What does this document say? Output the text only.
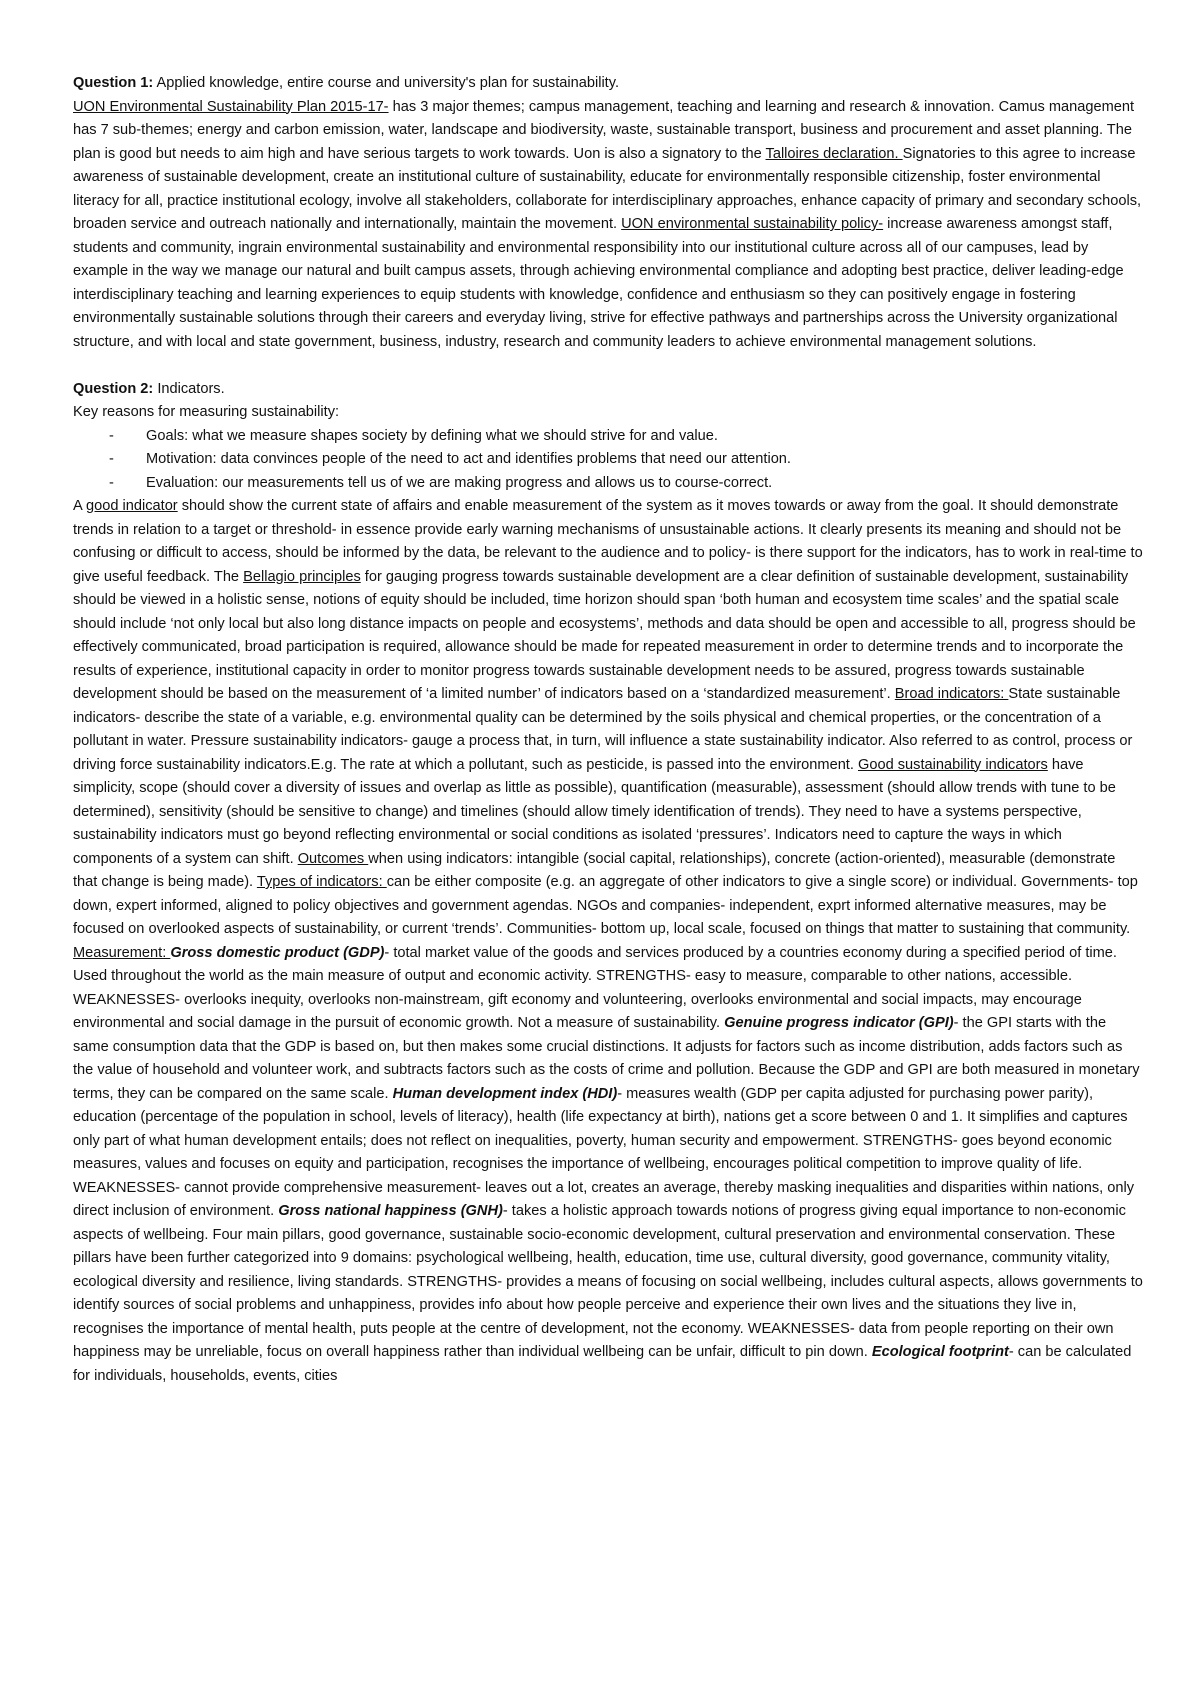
Question 1: Applied knowledge, entire course and university's plan for sustainability.
UON Environmental Sustainability Plan 2015-17- has 3 major themes; campus management, teaching and learning and research & innovation. Camus management has 7 sub-themes; energy and carbon emission, water, landscape and biodiversity, waste, sustainable transport, business and procurement and asset planning. The plan is good but needs to aim high and have serious targets to work towards. Uon is also a signatory to the Talloires declaration. Signatories to this agree to increase awareness of sustainable development, create an institutional culture of sustainability, educate for environmentally responsible citizenship, foster environmental literacy for all, practice institutional ecology, involve all stakeholders, collaborate for interdisciplinary approaches, enhance capacity of primary and secondary schools, broaden service and outreach nationally and internationally, maintain the movement. UON environmental sustainability policy- increase awareness amongst staff, students and community, ingrain environmental sustainability and environmental responsibility into our institutional culture across all of our campuses, lead by example in the way we manage our natural and built campus assets, through achieving environmental compliance and adopting best practice, deliver leading-edge interdisciplinary teaching and learning experiences to equip students with knowledge, confidence and enthusiasm so they can positively engage in fostering environmentally sustainable solutions through their careers and everyday living, strive for effective pathways and partnerships across the University organizational structure, and with local and state government, business, industry, research and community leaders to achieve environmental management solutions.

Question 2: Indicators.

Key reasons for measuring sustainability:

- Goals: what we measure shapes society by defining what we should strive for and value.
- Motivation: data convinces people of the need to act and identifies problems that need our attention.
- Evaluation: our measurements tell us of we are making progress and allows us to course-correct.

A good indicator should show the current state of affairs and enable measurement of the system as it moves towards or away from the goal. It should demonstrate trends in relation to a target or threshold- in essence provide early warning mechanisms of unsustainable actions. It clearly presents its meaning and should not be confusing or difficult to access, should be informed by the data, be relevant to the audience and to policy- is there support for the indicators, has to work in real-time to give useful feedback. The Bellagio principles for gauging progress towards sustainable development are a clear definition of sustainable development, sustainability should be viewed in a holistic sense, notions of equity should be included, time horizon should span ‘both human and ecosystem time scales’ and the spatial scale should include ‘not only local but also long distance impacts on people and ecosystems’, methods and data should be open and accessible to all, progress should be effectively communicated, broad participation is required, allowance should be made for repeated measurement in order to determine trends and to incorporate the results of experience, institutional capacity in order to monitor progress towards sustainable development needs to be assured, progress towards sustainable development should be based on the measurement of ‘a limited number’ of indicators based on a ‘standardized measurement’. Broad indicators: State sustainable indicators- describe the state of a variable, e.g. environmental quality can be determined by the soils physical and chemical properties, or the concentration of a pollutant in water. Pressure sustainability indicators- gauge a process that, in turn, will influence a state sustainability indicator. Also referred to as control, process or driving force sustainability indicators.E.g. The rate at which a pollutant, such as pesticide, is passed into the environment. Good sustainability indicators have simplicity, scope (should cover a diversity of issues and overlap as little as possible), quantification (measurable), assessment (should allow trends with tune to be determined), sensitivity (should be sensitive to change) and timelines (should allow timely identification of trends). They need to have a systems perspective, sustainability indicators must go beyond reflecting environmental or social conditions as isolated ‘pressures’. Indicators need to capture the ways in which components of a system can shift. Outcomes when using indicators: intangible (social capital, relationships), concrete (action-oriented), measurable (demonstrate that change is being made). Types of indicators: can be either composite (e.g. an aggregate of other indicators to give a single score) or individual. Governments- top down, expert informed, aligned to policy objectives and government agendas. NGOs and companies- independent, exprt informed alternative measures, may be focused on overlooked aspects of sustainability, or current ‘trends’. Communities- bottom up, local scale, focused on things that matter to sustaining that community. Measurement: Gross domestic product (GDP)- total market value of the goods and services produced by a countries economy during a specified period of time. Used throughout the world as the main measure of output and economic activity. STRENGTHS- easy to measure, comparable to other nations, accessible. WEAKNESSES- overlooks inequity, overlooks non-mainstream, gift economy and volunteering, overlooks environmental and social impacts, may encourage environmental and social damage in the pursuit of economic growth. Not a measure of sustainability. Genuine progress indicator (GPI)- the GPI starts with the same consumption data that the GDP is based on, but then makes some crucial distinctions. It adjusts for factors such as income distribution, adds factors such as the value of household and volunteer work, and subtracts factors such as the costs of crime and pollution. Because the GDP and GPI are both measured in monetary terms, they can be compared on the same scale. Human development index (HDI)- measures wealth (GDP per capita adjusted for purchasing power parity), education (percentage of the population in school, levels of literacy), health (life expectancy at birth), nations get a score between 0 and 1. It simplifies and captures only part of what human development entails; does not reflect on inequalities, poverty, human security and empowerment. STRENGTHS- goes beyond economic measures, values and focuses on equity and participation, recognises the importance of wellbeing, encourages political competition to improve quality of life. WEAKNESSES- cannot provide comprehensive measurement- leaves out a lot, creates an average, thereby masking inequalities and disparities within nations, only direct inclusion of environment. Gross national happiness (GNH)- takes a holistic approach towards notions of progress giving equal importance to non-economic aspects of wellbeing. Four main pillars, good governance, sustainable socio-economic development, cultural preservation and environmental conservation. These pillars have been further categorized into 9 domains: psychological wellbeing, health, education, time use, cultural diversity, good governance, community vitality, ecological diversity and resilience, living standards. STRENGTHS- provides a means of focusing on social wellbeing, includes cultural aspects, allows governments to identify sources of social problems and unhappiness, provides info about how people perceive and experience their own lives and the situations they live in, recognises the importance of mental health, puts people at the centre of development, not the economy. WEAKNESSES- data from people reporting on their own happiness may be unreliable, focus on overall happiness rather than individual wellbeing can be unfair, difficult to pin down. Ecological footprint- can be calculated for individuals, households, events, cities
